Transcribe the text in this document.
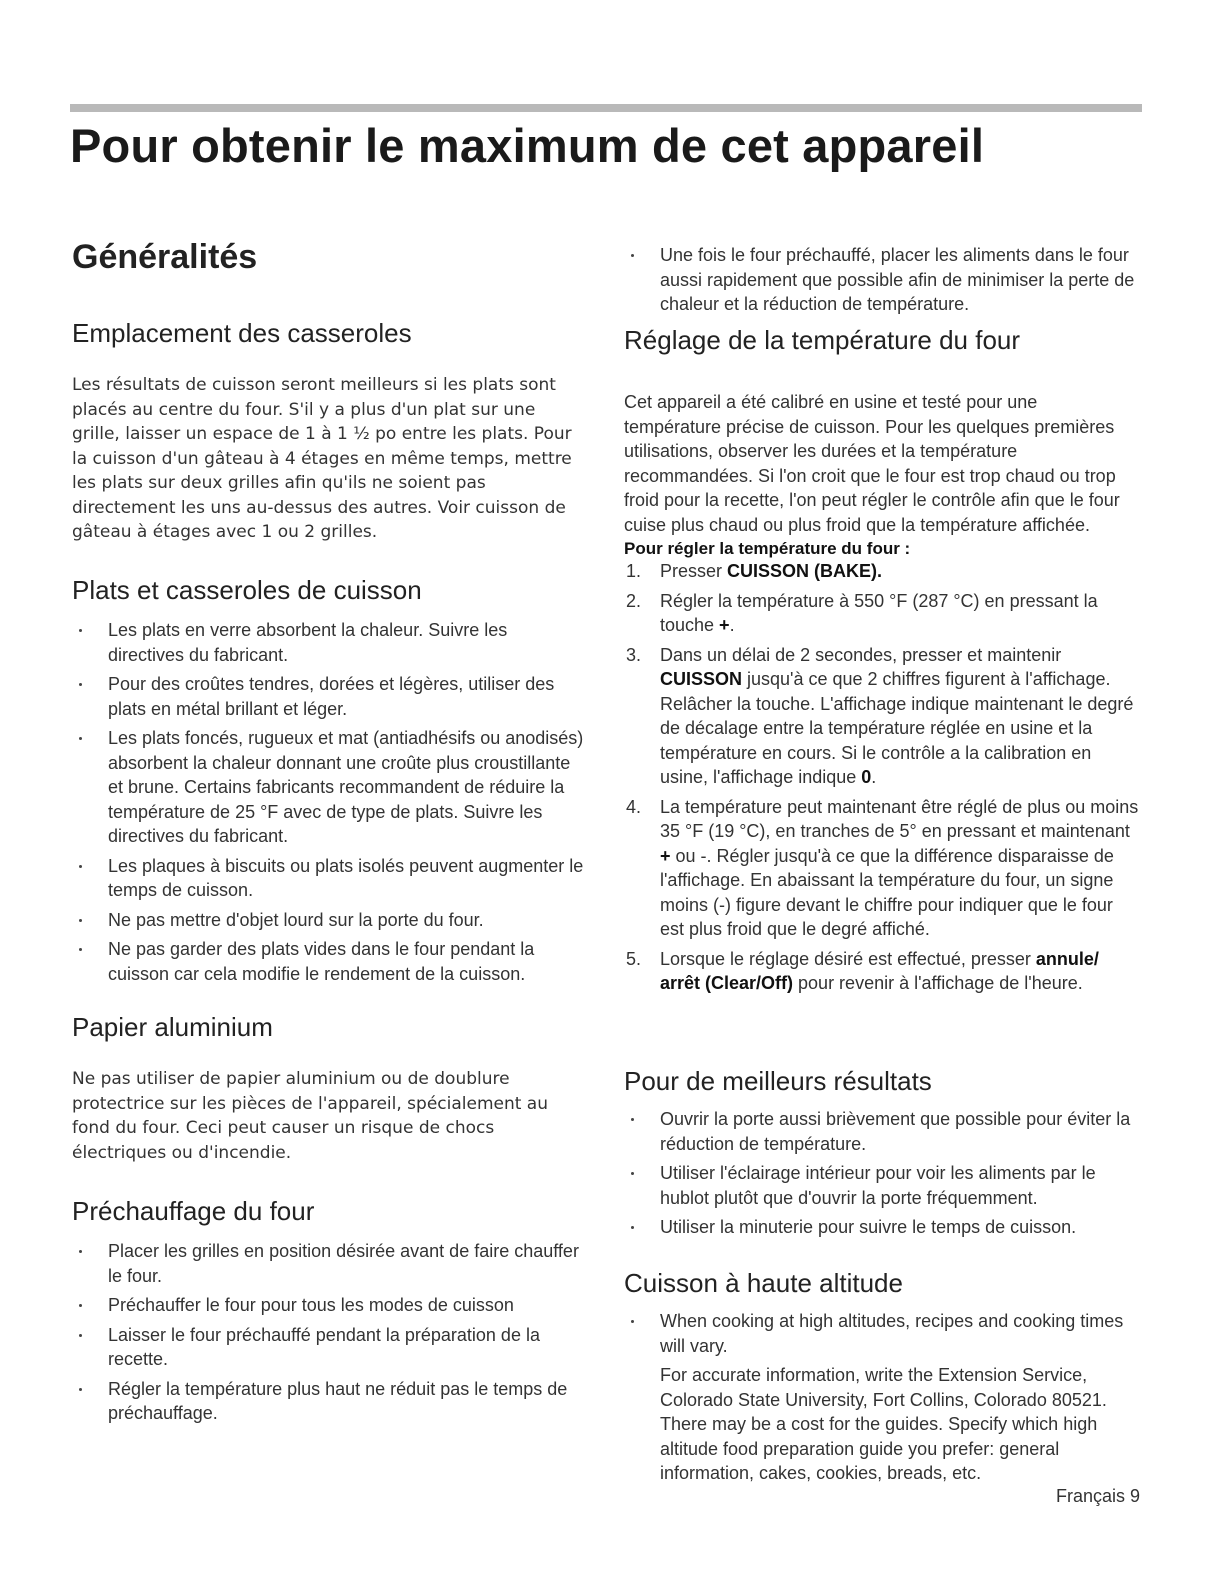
Pour obtenir le maximum de cet appareil
Généralités
Emplacement des casseroles

Les résultats de cuisson seront meilleurs si les plats sont placés au centre du four. S'il y a plus d'un plat sur une grille, laisser un espace de 1 à 1 ½ po entre les plats. Pour la cuisson d'un gâteau à 4 étages en même temps, mettre les plats sur deux grilles afin qu'ils ne soient pas directement les uns au-dessus des autres. Voir cuisson de gâteau à étages avec 1 ou 2 grilles.

Plats et casseroles de cuisson
Les plats en verre absorbent la chaleur. Suivre les directives du fabricant.
Pour des croûtes tendres, dorées et légères, utiliser des plats en métal brillant et léger.
Les plats foncés, rugueux et mat (antiadhésifs ou anodisés) absorbent la chaleur donnant une croûte plus croustillante et brune. Certains fabricants recommandent de réduire la température de 25 °F avec de type de plats. Suivre les directives du fabricant.
Les plaques à biscuits ou plats isolés peuvent augmenter le temps de cuisson.
Ne pas mettre d'objet lourd sur la porte du four.
Ne pas garder des plats vides dans le four pendant la cuisson car cela modifie le rendement de la cuisson.
Papier aluminium

Ne pas utiliser de papier aluminium ou de doublure protectrice sur les pièces de l'appareil, spécialement au fond du four. Ceci peut causer un risque de chocs électriques ou d'incendie.

Préchauffage du four
Placer les grilles en position désirée avant de faire chauffer le four.
Préchauffer le four pour tous les modes de cuisson
Laisser le four préchauffé pendant la préparation de la recette.
Régler la température plus haut ne réduit pas le temps de préchauffage.
Une fois le four préchauffé, placer les aliments dans le four aussi rapidement que possible afin de minimiser la perte de chaleur et la réduction de température.
Réglage de la température du four

Cet appareil a été calibré en usine et testé pour une température précise de cuisson. Pour les quelques premières utilisations, observer les durées et la température recommandées. Si l'on croit que le four est trop chaud ou trop froid pour la recette, l'on peut régler le contrôle afin que le four cuise plus chaud ou plus froid que la température affichée.

Pour régler la température du four :
1. Presser CUISSON (BAKE).
2. Régler la température à 550 °F (287 °C) en pressant la touche +.
3. Dans un délai de 2 secondes, presser et maintenir CUISSON jusqu'à ce que 2 chiffres figurent à l'affichage. Relâcher la touche. L'affichage indique maintenant le degré de décalage entre la température réglée en usine et la température en cours. Si le contrôle a la calibration en usine, l'affichage indique 0.
4. La température peut maintenant être réglé de plus ou moins 35 °F (19 °C), en tranches de 5° en pressant et maintenant + ou -. Régler jusqu'à ce que la différence disparaisse de l'affichage. En abaissant la température du four, un signe moins (-) figure devant le chiffre pour indiquer que le four est plus froid que le degré affiché.
5. Lorsque le réglage désiré est effectué, presser annule/ arrêt (Clear/Off) pour revenir à l'affichage de l'heure.
Pour de meilleurs résultats
Ouvrir la porte aussi brièvement que possible pour éviter la réduction de température.
Utiliser l'éclairage intérieur pour voir les aliments par le hublot plutôt que d'ouvrir la porte fréquemment.
Utiliser la minuterie pour suivre le temps de cuisson.
Cuisson à haute altitude
When cooking at high altitudes, recipes and cooking times will vary.

For accurate information, write the Extension Service, Colorado State University, Fort Collins, Colorado 80521. There may be a cost for the guides. Specify which high altitude food preparation guide you prefer: general information, cakes, cookies, breads, etc.

Français 9
